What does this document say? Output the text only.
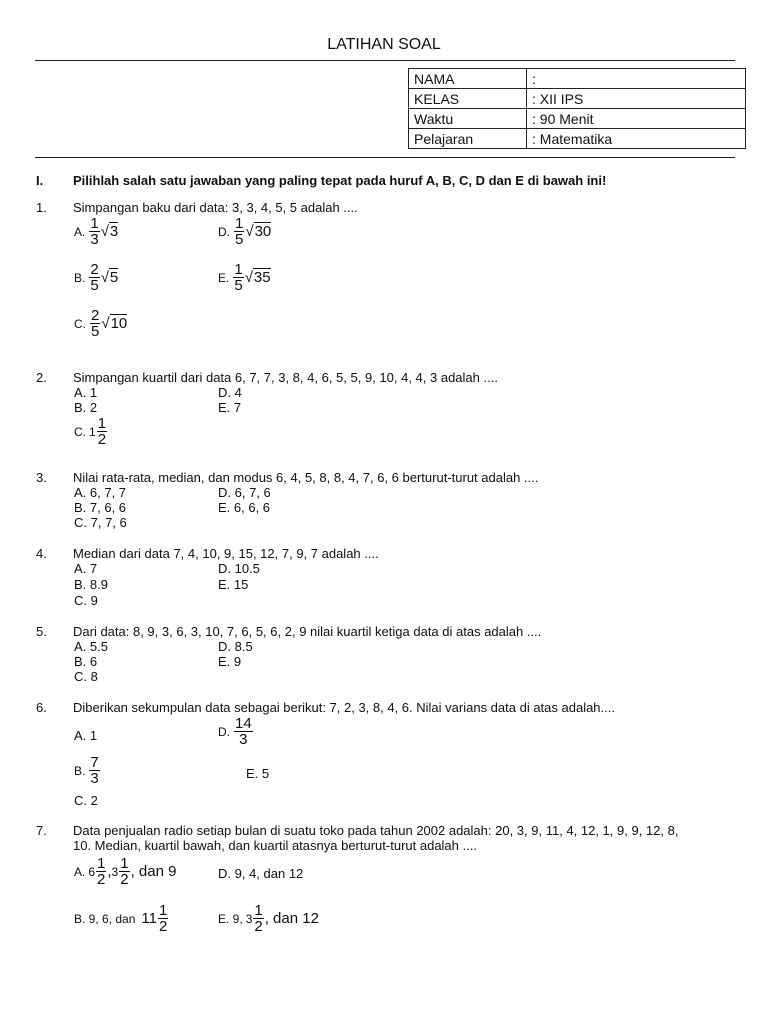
LATIHAN SOAL
NAMA	:
KELAS	: XII IPS
Waktu	: 90 Menit
Pelajaran	: Matematika
I. Pilihlah salah satu jawaban yang paling tepat pada huruf A, B, C, D dan E di bawah ini!
1. Simpangan baku dari data: 3, 3, 4, 5, 5 adalah ....
A. $\frac{1}{3} √3$	D. $\frac{1}{5} √30$
B. $\frac{2}{5} √5$	E. $\frac{1}{5} √35$
C. $\frac{2}{5} √10$
2. Simpangan kuartil dari data 6, 7, 7, 3, 8, 4, 6, 5, 5, 9, 10, 4, 4, 3 adalah ....
A. 1	D. 4
B. 2	E. 7
C. $1 \frac{1}{2}$
3. Nilai rata-rata, median, dan modus 6, 4, 5, 8, 8, 4, 7, 6, 6 berturut-turut adalah ....
A. 6, 7, 7	D. 6, 7, 6
B. 7, 6, 6	E. 6, 6, 6
C. 7, 7, 6
4. Median dari data 7, 4, 10, 9, 15, 12, 7, 9, 7 adalah ....
A. 7	D. 10.5
B. 8.9	E. 15
C. 9
5. Dari data: 8, 9, 3, 6, 3, 10, 7, 6, 5, 6, 2, 9 nilai kuartil ketiga data di atas adalah ....
A. 5.5	D. 8.5
B. 6	E. 9
C. 8
6. Diberikan sekumpulan data sebagai berikut: 7, 2, 3, 8, 4, 6. Nilai varians data di atas adalah....
A. 1	D. $\frac{14}{3}$
B. $\frac{7}{3}$	E. 5
C. 2
7. Data penjualan radio setiap bulan di suatu toko pada tahun 2002 adalah: 20, 3, 9, 11, 4, 12, 1, 9, 9, 12, 8,
10. Median, kuartil bawah, dan kuartil atasnya berturut-turut adalah ....
A. $6 \frac{1}{2}$ , $3 \frac{1}{2}$ , dan 9	D. 9, 4, dan 12
B. 9, 6, dan $11 \frac{1}{2}$	E. 9, $3 \frac{1}{2}$ , dan 12
